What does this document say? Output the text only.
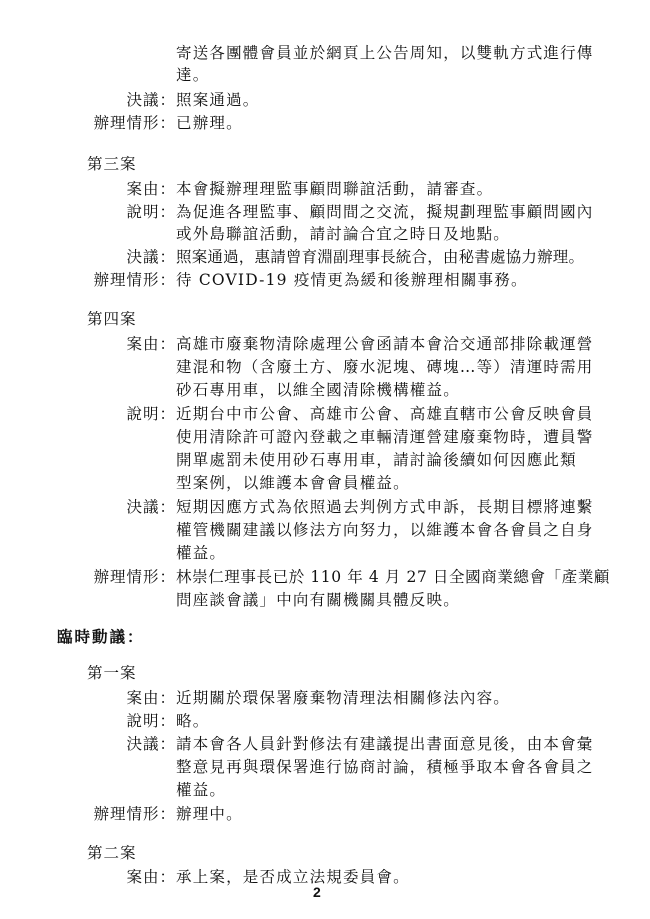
寄送各團體會員並於網頁上公告周知，以雙軌方式進行傳
達。
決議： 照案通過。
辦理情形： 已辦理。
第三案
案由： 本會擬辦理理監事顧問聯誼活動，請審查。
說明： 為促進各理監事、顧問間之交流，擬規劃理監事顧問國內
或外島聯誼活動，請討論合宜之時日及地點。
決議： 照案通過，惠請曾育淵副理事長統合，由秘書處協力辦理。
辦理情形： 待 COVID-19 疫情更為緩和後辦理相關事務。
第四案
案由： 高雄市廢棄物清除處理公會函請本會洽交通部排除載運營
建混和物（含廢土方、廢水泥塊、磚塊…等）清運時需用
砂石專用車，以維全國清除機構權益。
說明： 近期台中市公會、高雄市公會、高雄直轄市公會反映會員
使用清除許可證內登載之車輛清運營建廢棄物時，遭員警
開單處罰未使用砂石專用車，請討論後續如何因應此類
型案例，以維護本會會員權益。
決議： 短期因應方式為依照過去判例方式申訴，長期目標將連繫
權管機關建議以修法方向努力，以維護本會各會員之自身
權益。
辦理情形： 林崇仁理事長已於 110 年 4 月 27 日全國商業總會「產業顧
問座談會議」中向有關機關具體反映。
臨時動議：
第一案
案由： 近期關於環保署廢棄物清理法相關修法內容。
說明： 略。
決議： 請本會各人員針對修法有建議提出書面意見後，由本會彙
整意見再與環保署進行協商討論，積極爭取本會各會員之
權益。
辦理情形： 辦理中。
第二案
案由： 承上案，是否成立法規委員會。
2
